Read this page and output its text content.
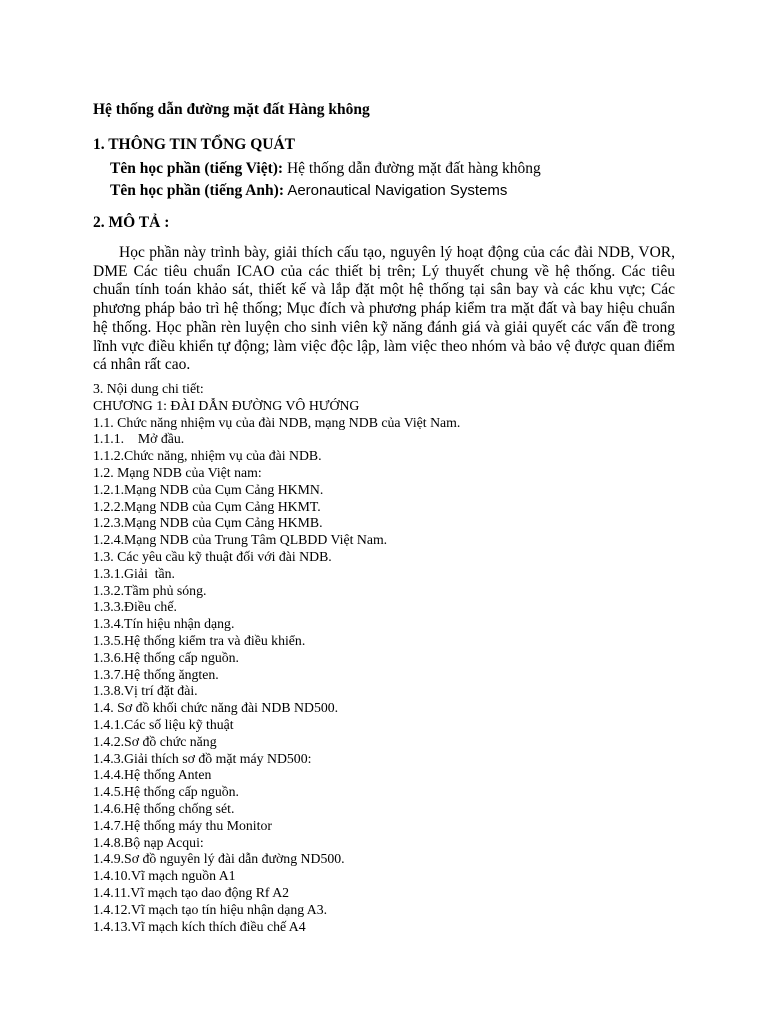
Hệ thống dẫn đường mặt đất Hàng không
1. THÔNG TIN TỔNG QUÁT
Tên học phần (tiếng Việt): Hệ thống dẫn đường mặt đất hàng không
Tên học phần (tiếng Anh): Aeronautical Navigation Systems
2. MÔ TẢ :

Học phần này trình bày, giải thích cấu tạo, nguyên lý hoạt động của các đài NDB, VOR, DME Các tiêu chuẩn ICAO của các thiết bị trên; Lý thuyết chung về hệ thống. Các tiêu chuẩn tính toán khảo sát, thiết kế và lắp đặt một hệ thống tại sân bay và các khu vực; Các phương pháp bảo trì hệ thống; Mục đích và phương pháp kiểm tra mặt đất và bay hiệu chuẩn hệ thống. Học phần rèn luyện cho sinh viên kỹ năng đánh giá và giải quyết các vấn đề trong lĩnh vực điều khiển tự động; làm việc độc lập, làm việc theo nhóm và bảo vệ được quan điểm cá nhân rất cao.

3. Nội dung chi tiết:
CHƯƠNG 1: ĐÀI DẪN ĐƯỜNG VÔ HƯỚNG
1.1. Chức năng nhiệm vụ của đài NDB, mạng NDB của Việt Nam.
1.1.1.    Mở đầu.
1.1.2.Chức năng, nhiệm vụ của đài NDB.
1.2. Mạng NDB của Việt nam:
1.2.1.Mạng NDB của Cụm Cảng HKMN.
1.2.2.Mạng NDB của Cụm Cảng HKMT.
1.2.3.Mạng NDB của Cụm Cảng HKMB.
1.2.4.Mạng NDB của Trung Tâm QLBDD Việt Nam.
1.3. Các yêu cầu kỹ thuật đối với đài NDB.
1.3.1.Giải  tần.
1.3.2.Tầm phủ sóng.
1.3.3.Điều chế.
1.3.4.Tín hiệu nhận dạng.
1.3.5.Hệ thống kiểm tra và điều khiển.
1.3.6.Hệ thống cấp nguồn.
1.3.7.Hệ thống ăngten.
1.3.8.Vị trí đặt đài.
1.4. Sơ đồ khối chức năng đài NDB ND500.
1.4.1.Các số liệu kỹ thuật
1.4.2.Sơ đồ chức năng
1.4.3.Giải thích sơ đồ mặt máy ND500:
1.4.4.Hệ thống Anten
1.4.5.Hệ thống cấp nguồn.
1.4.6.Hệ thống chống sét.
1.4.7.Hệ thống máy thu Monitor
1.4.8.Bộ nạp Acqui:
1.4.9.Sơ đồ nguyên lý đài dẫn đường ND500.
1.4.10.Vĩ mạch nguồn A1
1.4.11.Vĩ mạch tạo dao động Rf A2
1.4.12.Vĩ mạch tạo tín hiệu nhận dạng A3.
1.4.13.Vĩ mạch kích thích điều chế A4
